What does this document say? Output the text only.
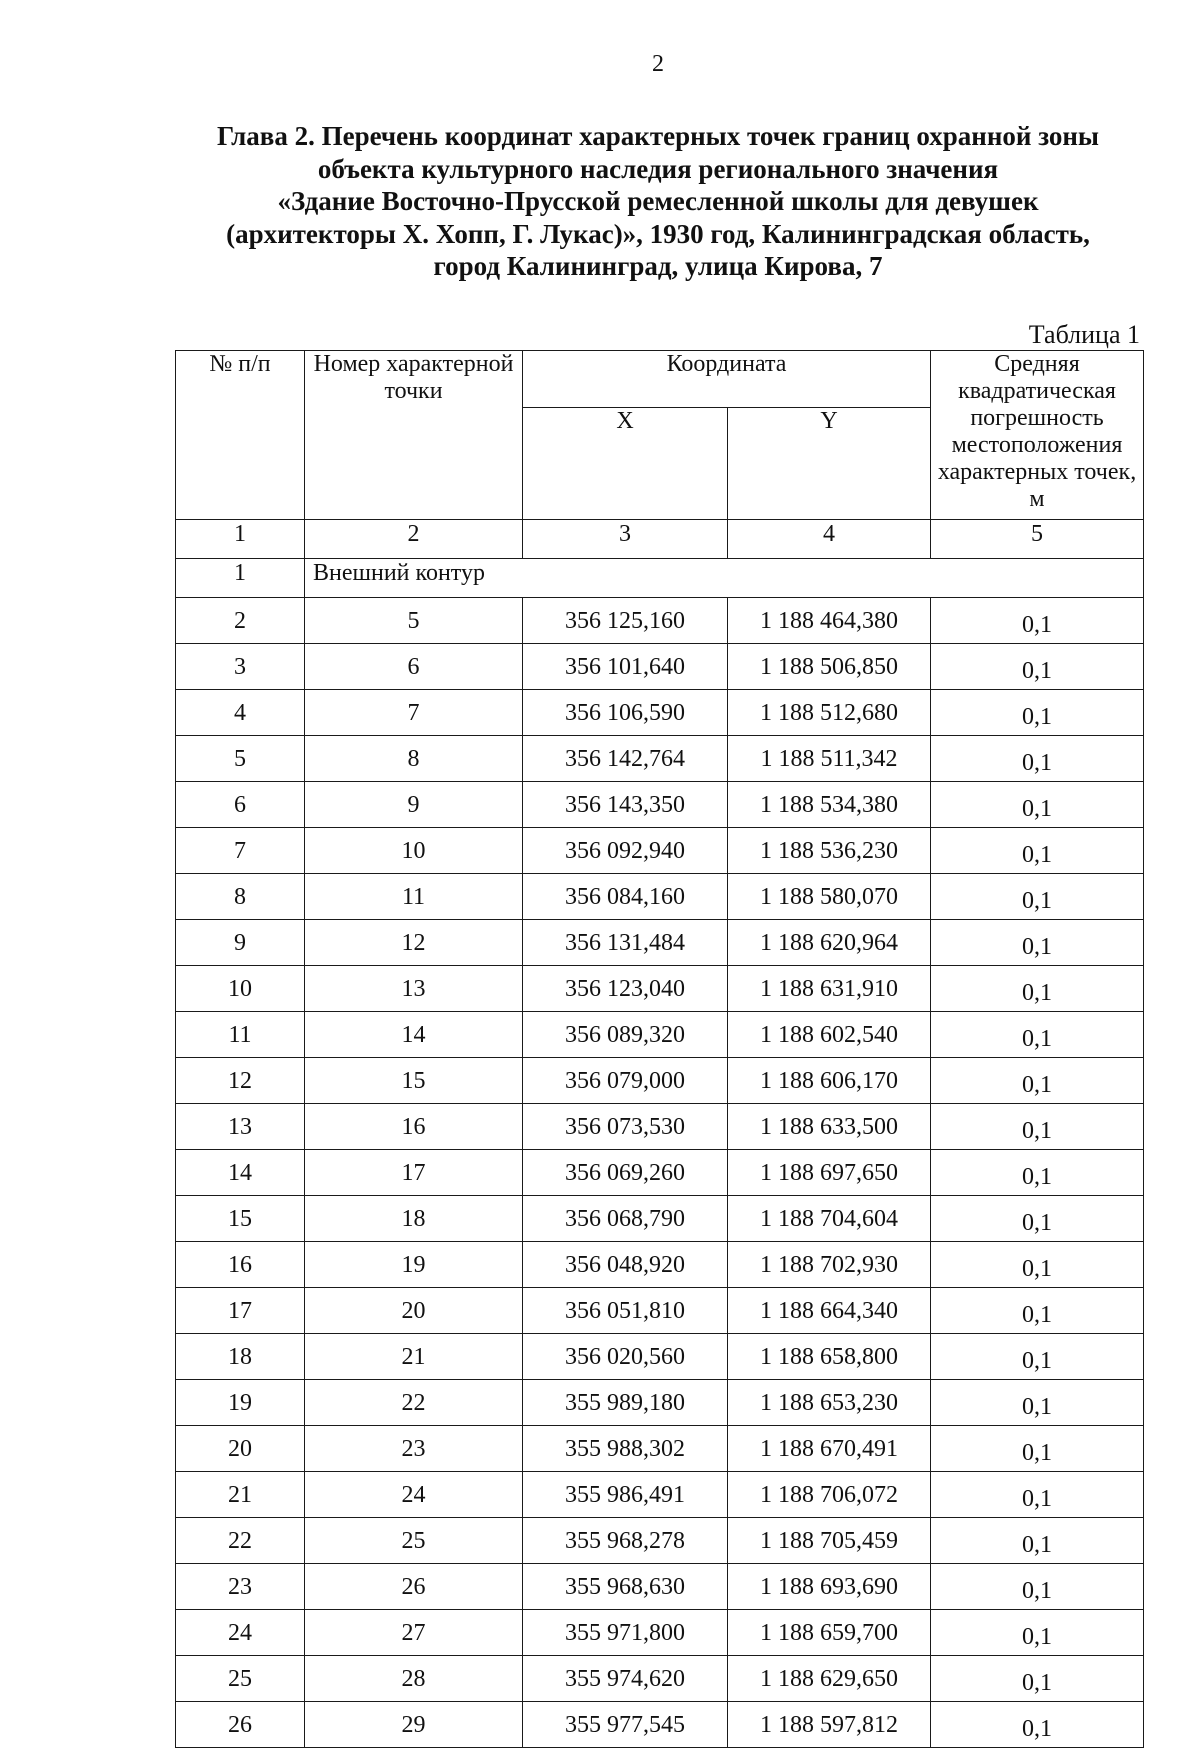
2
Глава 2. Перечень координат характерных точек границ охранной зоны
объекта культурного наследия регионального значения
«Здание Восточно-Прусской ремесленной школы для девушек
(архитекторы Х. Хопп, Г. Лукас)», 1930 год, Калининградская область,
город Калининград, улица Кирова, 7
Таблица 1
№ п/п	Номер характерной точки	Координата		Средняя квадратическая погрешность местоположения характерных точек, м
		X	Y	
1	2	3	4	5
1	Внешний контур			
2	5	356 125,160	1 188 464,380	0,1
3	6	356 101,640	1 188 506,850	0,1
4	7	356 106,590	1 188 512,680	0,1
5	8	356 142,764	1 188 511,342	0,1
6	9	356 143,350	1 188 534,380	0,1
7	10	356 092,940	1 188 536,230	0,1
8	11	356 084,160	1 188 580,070	0,1
9	12	356 131,484	1 188 620,964	0,1
10	13	356 123,040	1 188 631,910	0,1
11	14	356 089,320	1 188 602,540	0,1
12	15	356 079,000	1 188 606,170	0,1
13	16	356 073,530	1 188 633,500	0,1
14	17	356 069,260	1 188 697,650	0,1
15	18	356 068,790	1 188 704,604	0,1
16	19	356 048,920	1 188 702,930	0,1
17	20	356 051,810	1 188 664,340	0,1
18	21	356 020,560	1 188 658,800	0,1
19	22	355 989,180	1 188 653,230	0,1
20	23	355 988,302	1 188 670,491	0,1
21	24	355 986,491	1 188 706,072	0,1
22	25	355 968,278	1 188 705,459	0,1
23	26	355 968,630	1 188 693,690	0,1
24	27	355 971,800	1 188 659,700	0,1
25	28	355 974,620	1 188 629,650	0,1
26	29	355 977,545	1 188 597,812	0,1
